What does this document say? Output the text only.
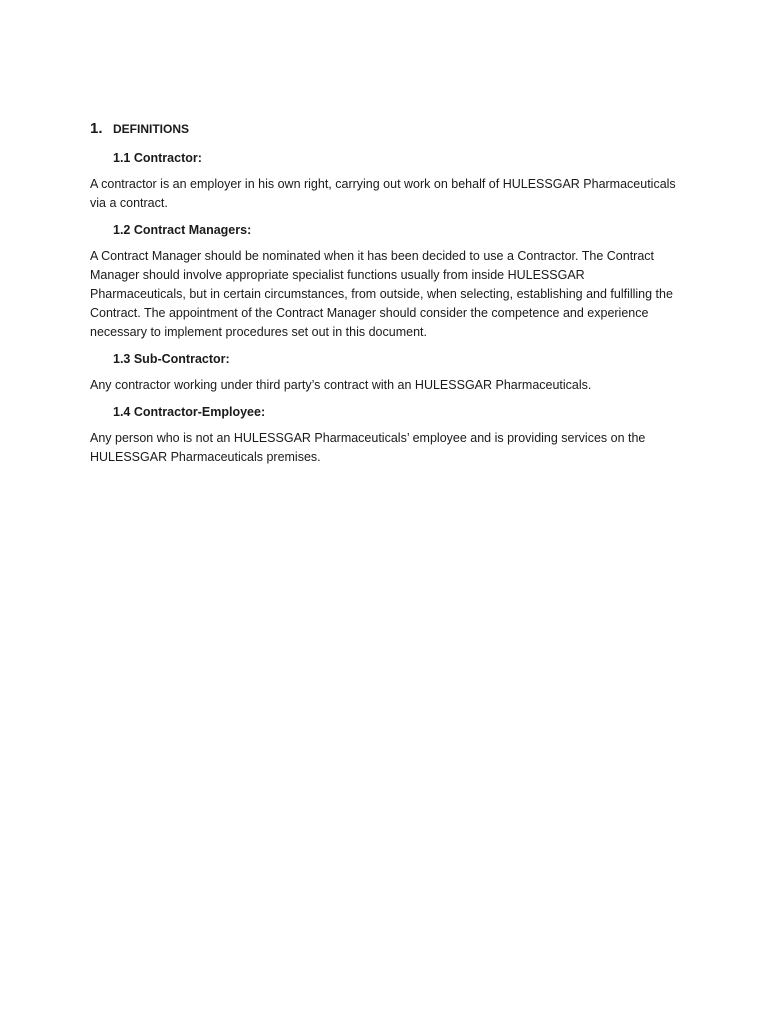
1. DEFINITIONS
1.1 Contractor:

A contractor is an employer in his own right, carrying out work on behalf of HULESSGAR Pharmaceuticals via a contract.

1.2 Contract Managers:

A Contract Manager should be nominated when it has been decided to use a Contractor. The Contract Manager should involve appropriate specialist functions usually from inside HULESSGAR Pharmaceuticals, but in certain circumstances, from outside, when selecting, establishing and fulfilling the Contract. The appointment of the Contract Manager should consider the competence and experience necessary to implement procedures set out in this document.

1.3 Sub-Contractor:

Any contractor working under third party’s contract with an HULESSGAR Pharmaceuticals.

1.4 Contractor-Employee:

Any person who is not an HULESSGAR Pharmaceuticals’ employee and is providing services on the HULESSGAR Pharmaceuticals premises.
